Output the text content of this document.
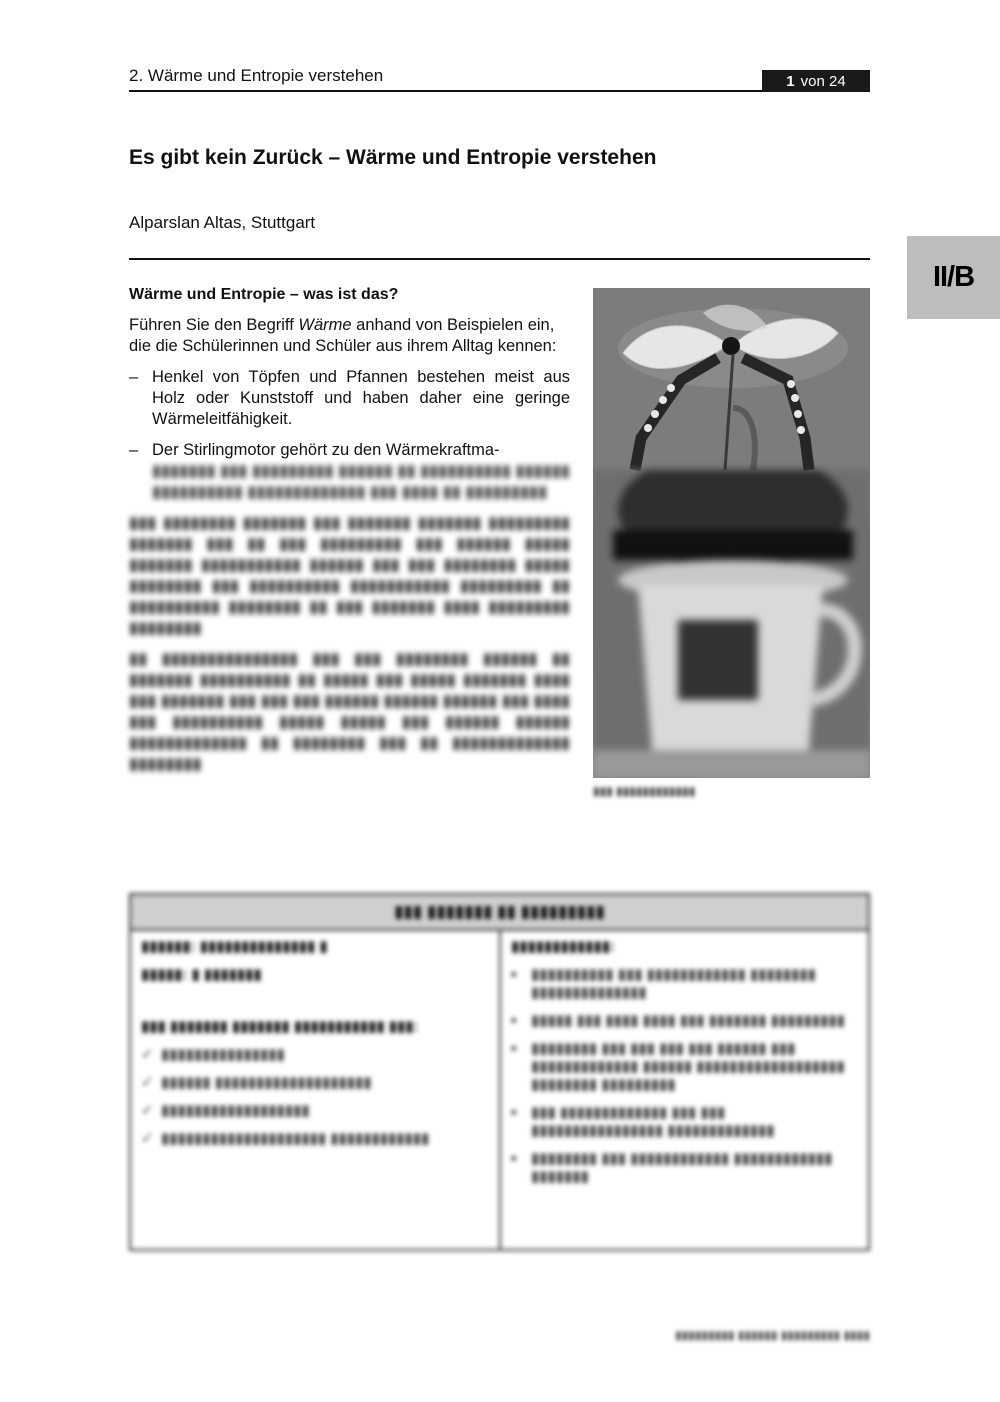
2. Wärme und Entropie verstehen	1 von 24
Es gibt kein Zurück – Wärme und Entropie verstehen
Alparslan Altas, Stuttgart
II/B

Wärme und Entropie – was ist das?

Führen Sie den Begriff Wärme anhand von Beispielen ein, die die Schülerinnen und Schüler aus ihrem Alltag kennen:

– Henkel von Töpfen und Pfannen bestehen meist aus Holz oder Kunststoff und haben daher eine geringe Wärmeleitfähigkeit.
– Der Stirlingmotor gehört zu den Wärmekraftma-
▮▮▮▮▮▮▮ ▮▮▮ ▮▮▮▮▮▮▮▮▮ ▮▮▮▮▮▮ ▮▮ ▮▮▮▮▮▮▮▮▮▮ ▮▮▮▮▮▮ ▮▮▮▮▮▮▮▮▮▮ ▮▮▮▮▮▮▮▮▮▮▮▮▮ ▮▮▮ ▮▮▮▮ ▮▮ ▮▮▮▮▮▮▮▮▮

▮▮▮ ▮▮▮▮▮▮▮▮ ▮▮▮▮▮▮▮ ▮▮▮ ▮▮▮▮▮▮▮ ▮▮▮▮▮▮▮ ▮▮▮▮▮▮▮▮▮ ▮▮▮▮▮▮▮ ▮▮▮ ▮▮ ▮▮▮ ▮▮▮▮▮▮▮▮▮ ▮▮▮ ▮▮▮▮▮▮ ▮▮▮▮▮ ▮▮▮▮▮▮▮ ▮▮▮▮▮▮▮▮▮▮▮ ▮▮▮▮▮▮ ▮▮▮ ▮▮▮ ▮▮▮▮▮▮▮▮ ▮▮▮▮▮ ▮▮▮▮▮▮▮▮ ▮▮▮ ▮▮▮▮▮▮▮▮▮▮ ▮▮▮▮▮▮▮▮▮▮▮ ▮▮▮▮▮▮▮▮▮ ▮▮ ▮▮▮▮▮▮▮▮▮▮ ▮▮▮▮▮▮▮▮ ▮▮ ▮▮▮ ▮▮▮▮▮▮▮ ▮▮▮▮ ▮▮▮▮▮▮▮▮▮ ▮▮▮▮▮▮▮▮

▮▮ ▮▮▮▮▮▮▮▮▮▮▮▮▮▮▮ ▮▮▮ ▮▮▮ ▮▮▮▮▮▮▮▮ ▮▮▮▮▮▮ ▮▮ ▮▮▮▮▮▮▮ ▮▮▮▮▮▮▮▮▮▮ ▮▮ ▮▮▮▮▮ ▮▮▮ ▮▮▮▮▮ ▮▮▮▮▮▮▮ ▮▮▮▮ ▮▮▮ ▮▮▮▮▮▮▮ ▮▮▮ ▮▮▮ ▮▮▮ ▮▮▮▮▮▮ ▮▮▮▮▮▮ ▮▮▮▮▮▮ ▮▮▮ ▮▮▮▮ ▮▮▮ ▮▮▮▮▮▮▮▮▮▮ ▮▮▮▮▮ ▮▮▮▮▮ ▮▮▮ ▮▮▮▮▮▮ ▮▮▮▮▮▮ ▮▮▮▮▮▮▮▮▮▮▮▮▮ ▮▮ ▮▮▮▮▮▮▮▮ ▮▮▮ ▮▮ ▮▮▮▮▮▮▮▮▮▮▮▮▮ ▮▮▮▮▮▮▮▮

▮▮▮ ▮▮▮▮▮▮▮▮▮▮▮▮
▮▮▮ ▮▮▮▮▮▮▮ ▮▮ ▮▮▮▮▮▮▮▮▮

▮▮▮▮▮▮: ▮▮▮▮▮▮▮▮▮▮▮▮▮▮ ▮

▮▮▮▮▮: ▮ ▮▮▮▮▮▮▮

▮▮▮ ▮▮▮▮▮▮▮ ▮▮▮▮▮▮▮ ▮▮▮▮▮▮▮▮▮▮▮ ▮▮▮:

✓ ▮▮▮▮▮▮▮▮▮▮▮▮▮▮▮
✓ ▮▮▮▮▮▮ ▮▮▮▮▮▮▮▮▮▮▮▮▮▮▮▮▮▮▮
✓ ▮▮▮▮▮▮▮▮▮▮▮▮▮▮▮▮▮▮
✓ ▮▮▮▮▮▮▮▮▮▮▮▮▮▮▮▮▮▮▮▮ ▮▮▮▮▮▮▮▮▮▮▮▮

▮▮▮▮▮▮▮▮▮▮▮▮:

■ ▮▮▮▮▮▮▮▮▮▮ ▮▮▮ ▮▮▮▮▮▮▮▮▮▮▮▮ ▮▮▮▮▮▮▮▮ ▮▮▮▮▮▮▮▮▮▮▮▮▮▮
■ ▮▮▮▮▮ ▮▮▮ ▮▮▮▮ ▮▮▮▮ ▮▮▮ ▮▮▮▮▮▮▮ ▮▮▮▮▮▮▮▮▮
■ ▮▮▮▮▮▮▮▮ ▮▮▮ ▮▮▮ ▮▮▮ ▮▮▮ ▮▮▮▮▮▮ ▮▮▮ ▮▮▮▮▮▮▮▮▮▮▮▮▮ ▮▮▮▮▮▮ ▮▮▮▮▮▮▮▮▮▮▮▮▮▮▮▮▮▮ ▮▮▮▮▮▮▮▮ ▮▮▮▮▮▮▮▮▮
■ ▮▮▮ ▮▮▮▮▮▮▮▮▮▮▮▮▮ ▮▮▮ ▮▮▮ ▮▮▮▮▮▮▮▮▮▮▮▮▮▮▮▮ ▮▮▮▮▮▮▮▮▮▮▮▮▮
■ ▮▮▮▮▮▮▮▮ ▮▮▮ ▮▮▮▮▮▮▮▮▮▮▮▮ ▮▮▮▮▮▮▮▮▮▮▮▮ ▮▮▮▮▮▮▮
▮▮▮▮▮▮▮▮▮ ▮▮▮▮▮▮ ▮▮▮▮▮▮▮▮▮ ▮▮▮▮
